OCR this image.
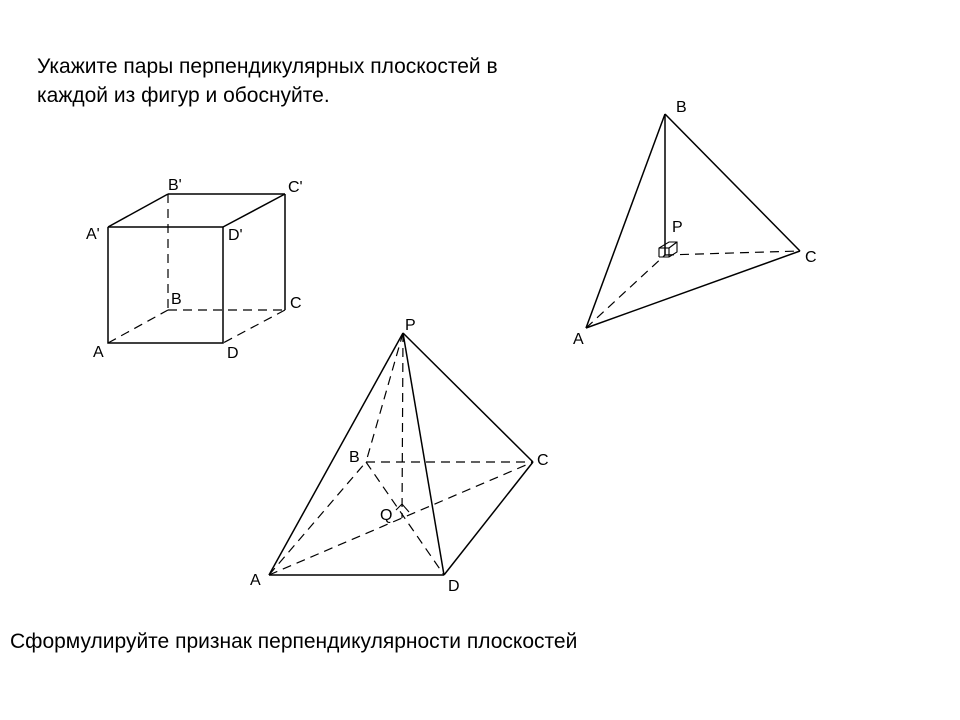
Укажите пары перпендикулярных плоскостей в
каждой из фигур и обоснуйте.

A'
B'	C'
D'
B	C
A	D
B
P
C
A
P
B	C
Q
A	D

Сформулируйте признак перпендикулярности плоскостей
